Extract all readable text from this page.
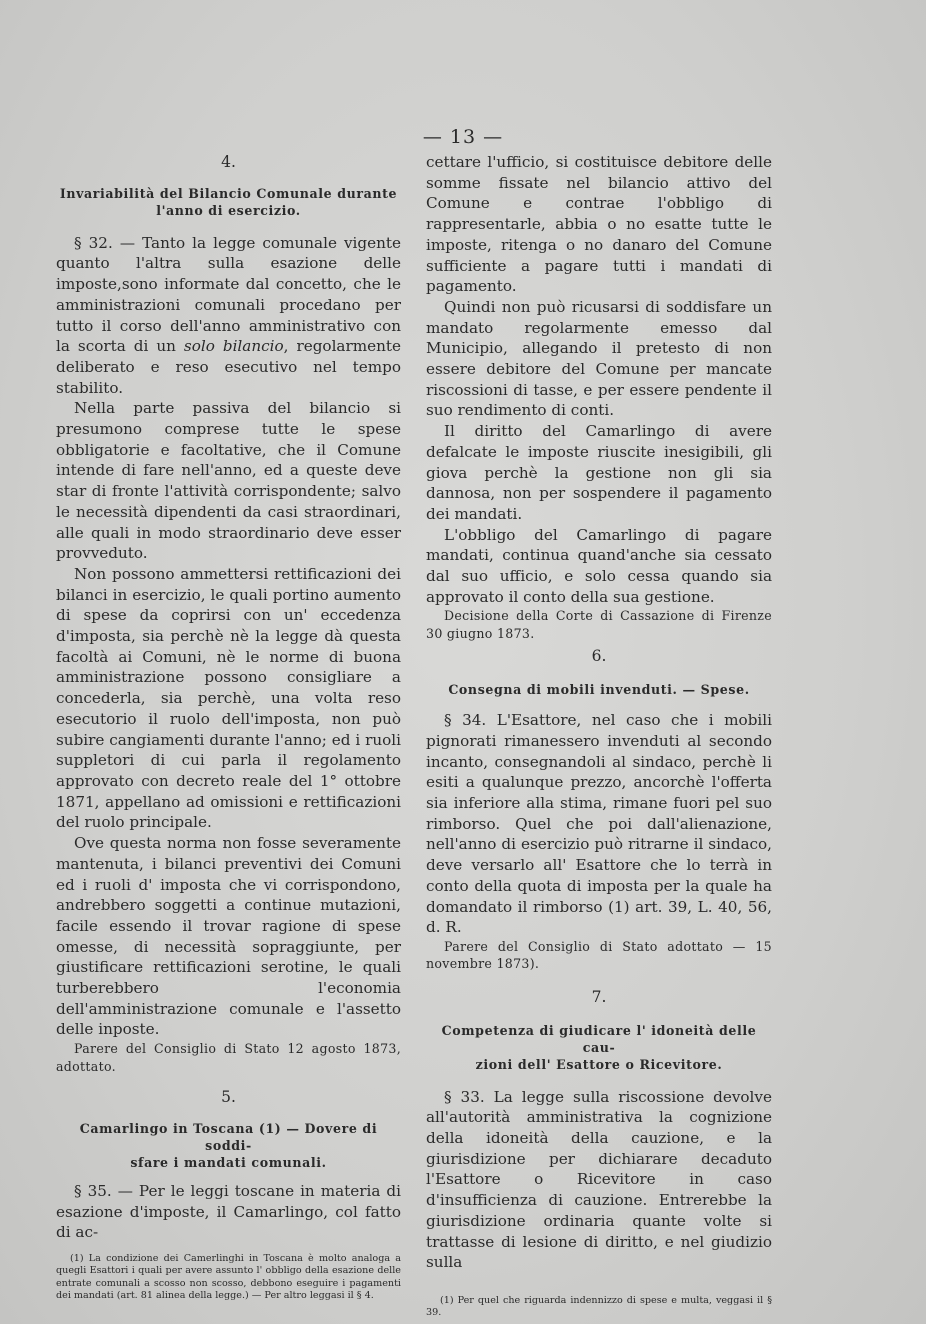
— 13 —

4.

Invariabilità del Bilancio Comunale durante

l'anno di esercizio.

§ 32. — Tanto la legge comunale vigente quanto l'altra sulla esazione delle imposte,sono informate dal concetto, che le amministrazioni comunali procedano per tutto il corso dell'anno amministrativo con la scorta di un solo bilancio, regolarmente deliberato e reso esecutivo nel tempo stabilito.

Nella parte passiva del bilancio si presumono comprese tutte le spese obbligatorie e facoltative, che il Comune intende di fare nell'anno, ed a queste deve star di fronte l'attività corrispondente; salvo le necessità dipendenti da casi straordinari, alle quali in modo straordinario deve esser provveduto.

Non possono ammettersi rettificazioni dei bilanci in esercizio, le quali portino aumento di spese da coprirsi con un' eccedenza d'imposta, sia perchè nè la legge dà questa facoltà ai Comuni, nè le norme di buona amministrazione possono consigliare a concederla, sia perchè, una volta reso esecutorio il ruolo dell'imposta, non può subire cangiamenti durante l'anno; ed i ruoli suppletori di cui parla il regolamento approvato con decreto reale del 1° ottobre 1871, appellano ad omissioni e rettificazioni del ruolo principale.

Ove questa norma non fosse severamente mantenuta, i bilanci preventivi dei Comuni ed i ruoli d' imposta che vi corrispondono, andrebbero soggetti a continue mutazioni, facile essendo il trovar ragione di spese omesse, di necessità sopraggiunte, per giustificare rettificazioni serotine, le quali turberebbero l'economia dell'amministrazione comunale e l'assetto delle inposte.

Parere del Consiglio di Stato 12 agosto 1873, adottato.

5.

Camarlingo in Toscana (1) — Dovere di soddi-

sfare i mandati comunali.

§ 35. — Per le leggi toscane in materia di esazione d'imposte, il Camarlingo, col fatto di ac-

(1) La condizione dei Camerlinghi in Toscana è molto analoga a quegli Esattori i quali per avere assunto l' obbligo della esazione delle entrate comunali a scosso non scosso, debbono eseguire i pagamenti dei mandati (art. 81 alinea della legge.) — Per altro leggasi il § 4.

cettare l'ufficio, si costituisce debitore delle somme fissate nel bilancio attivo del Comune e contrae l'obbligo di rappresentarle, abbia o no esatte tutte le imposte, ritenga o no danaro del Comune sufficiente a pagare tutti i mandati di pagamento.

Quindi non può ricusarsi di soddisfare un mandato regolarmente emesso dal Municipio, allegando il pretesto di non essere debitore del Comune per mancate riscossioni di tasse, e per essere pendente il suo rendimento di conti.

Il diritto del Camarlingo di avere defalcate le imposte riuscite inesigibili, gli giova perchè la gestione non gli sia dannosa, non per sospendere il pagamento dei mandati.

L'obbligo del Camarlingo di pagare mandati, continua quand'anche sia cessato dal suo ufficio, e solo cessa quando sia approvato il conto della sua gestione.

Decisione della Corte di Cassazione di Firenze 30 giugno 1873.

6.

Consegna di mobili invenduti. — Spese.

§ 34. L'Esattore, nel caso che i mobili pignorati rimanessero invenduti al secondo incanto, consegnandoli al sindaco, perchè li esiti a qualunque prezzo, ancorchè l'offerta sia inferiore alla stima, rimane fuori pel suo rimborso. Quel che poi dall'alienazione, nell'anno di esercizio può ritrarne il sindaco, deve versarlo all' Esattore che lo terrà in conto della quota di imposta per la quale ha domandato il rimborso (1) art. 39, L. 40, 56, d. R.

Parere del Consiglio di Stato adottato — 15 novembre 1873).

7.

Competenza di giudicare l' idoneità delle cau-

zioni dell' Esattore o Ricevitore.

§ 33. La legge sulla riscossione devolve all'autorità amministrativa la cognizione della idoneità della cauzione, e la giurisdizione per dichiarare decaduto l'Esattore o Ricevitore in caso d'insufficienza di cauzione. Entrerebbe la giurisdizione ordinaria quante volte si trattasse di lesione di diritto, e nel giudizio sulla

(1) Per quel che riguarda indennizzo di spese e multa, veggasi il § 39.
